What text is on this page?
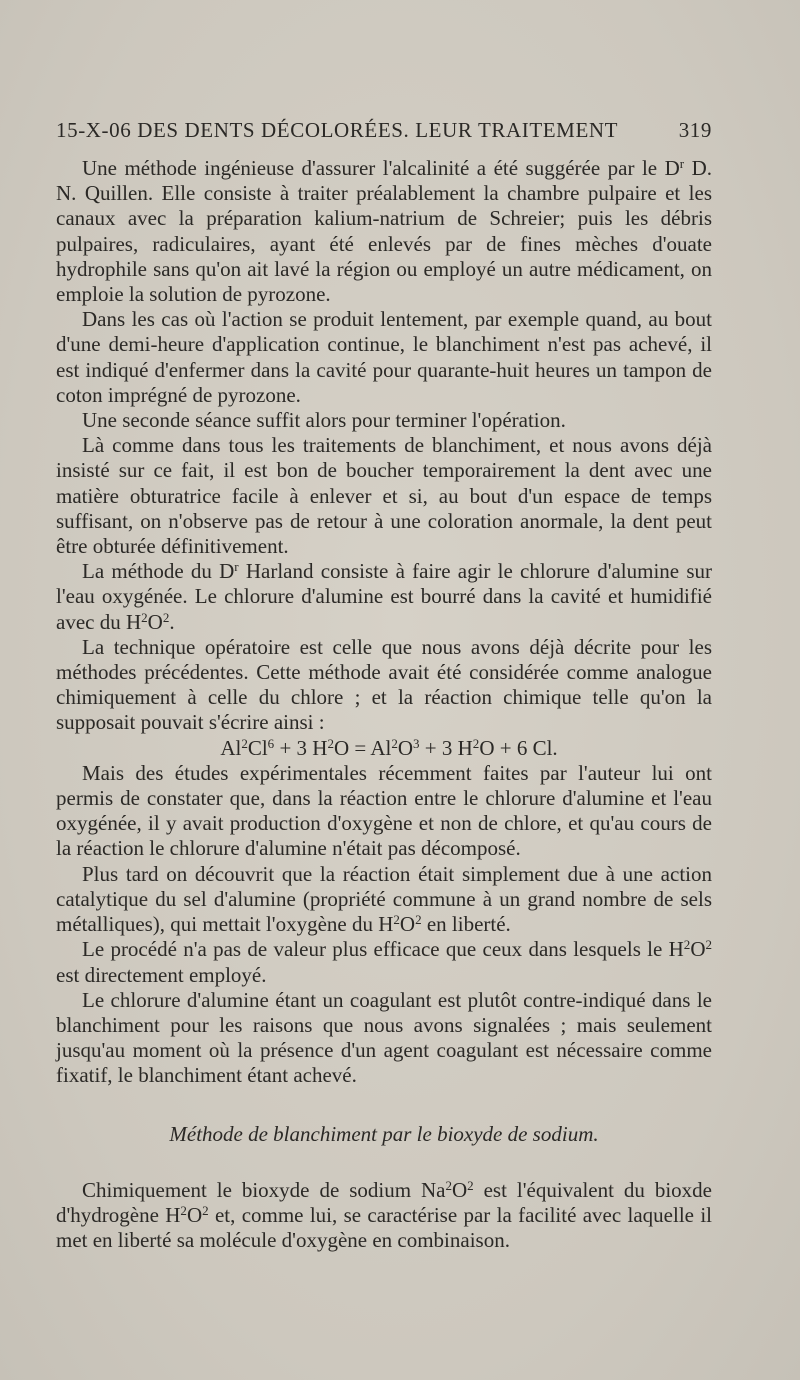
15-X-06 DES DENTS DÉCOLORÉES. LEUR TRAITEMENT	319

Une méthode ingénieuse d'assurer l'alcalinité a été suggérée par le $D^r$ D. N. Quillen. Elle consiste à traiter préalablement la chambre pulpaire et les canaux avec la préparation kalium-natrium de Schreier; puis les débris pulpaires, radiculaires, ayant été enlevés par de fines mèches d'ouate hydrophile sans qu'on ait lavé la région ou employé un autre médicament, on emploie la solution de pyrozone.

Dans les cas où l'action se produit lentement, par exemple quand, au bout d'une demi-heure d'application continue, le blanchiment n'est pas achevé, il est indiqué d'enfermer dans la cavité pour quarante-huit heures un tampon de coton imprégné de pyrozone.

Une seconde séance suffit alors pour terminer l'opération.

Là comme dans tous les traitements de blanchiment, et nous avons déjà insisté sur ce fait, il est bon de boucher temporairement la dent avec une matière obturatrice facile à enlever et si, au bout d'un espace de temps suffisant, on n'observe pas de retour à une coloration anormale, la dent peut être obturée définitivement.

La méthode du $D^r$ Harland consiste à faire agir le chlorure d'alumine sur l'eau oxygénée. Le chlorure d'alumine est bourré dans la cavité et humidifié avec du $H^2O^2$.

La technique opératoire est celle que nous avons déjà décrite pour les méthodes précédentes. Cette méthode avait été considérée comme analogue chimiquement à celle du chlore ; et la réaction chimique telle qu'on la supposait pouvait s'écrire ainsi :

$Al^2Cl^6 + 3$ $H^2O = Al^2O^3 + 3$ $H^2O + 6$ Cl.

Mais des études expérimentales récemment faites par l'auteur lui ont permis de constater que, dans la réaction entre le chlorure d'alumine et l'eau oxygénée, il y avait production d'oxygène et non de chlore, et qu'au cours de la réaction le chlorure d'alumine n'était pas décomposé.

Plus tard on découvrit que la réaction était simplement due à une action catalytique du sel d'alumine (propriété commune à un grand nombre de sels métalliques), qui mettait l'oxygène du $H^2O^2$ en liberté.

Le procédé n'a pas de valeur plus efficace que ceux dans lesquels le $H^2O^2$ est directement employé.

Le chlorure d'alumine étant un coagulant est plutôt contre-indiqué dans le blanchiment pour les raisons que nous avons signalées ; mais seulement jusqu'au moment où la présence d'un agent coagulant est nécessaire comme fixatif, le blanchiment étant achevé.

Méthode de blanchiment par le bioxyde de sodium.

Chimiquement le bioxyde de sodium $Na^2O^2$ est l'équivalent du bioxde d'hydrogène $H^2O^2$ et, comme lui, se caractérise par la facilité avec laquelle il met en liberté sa molécule d'oxygène en combinaison.
